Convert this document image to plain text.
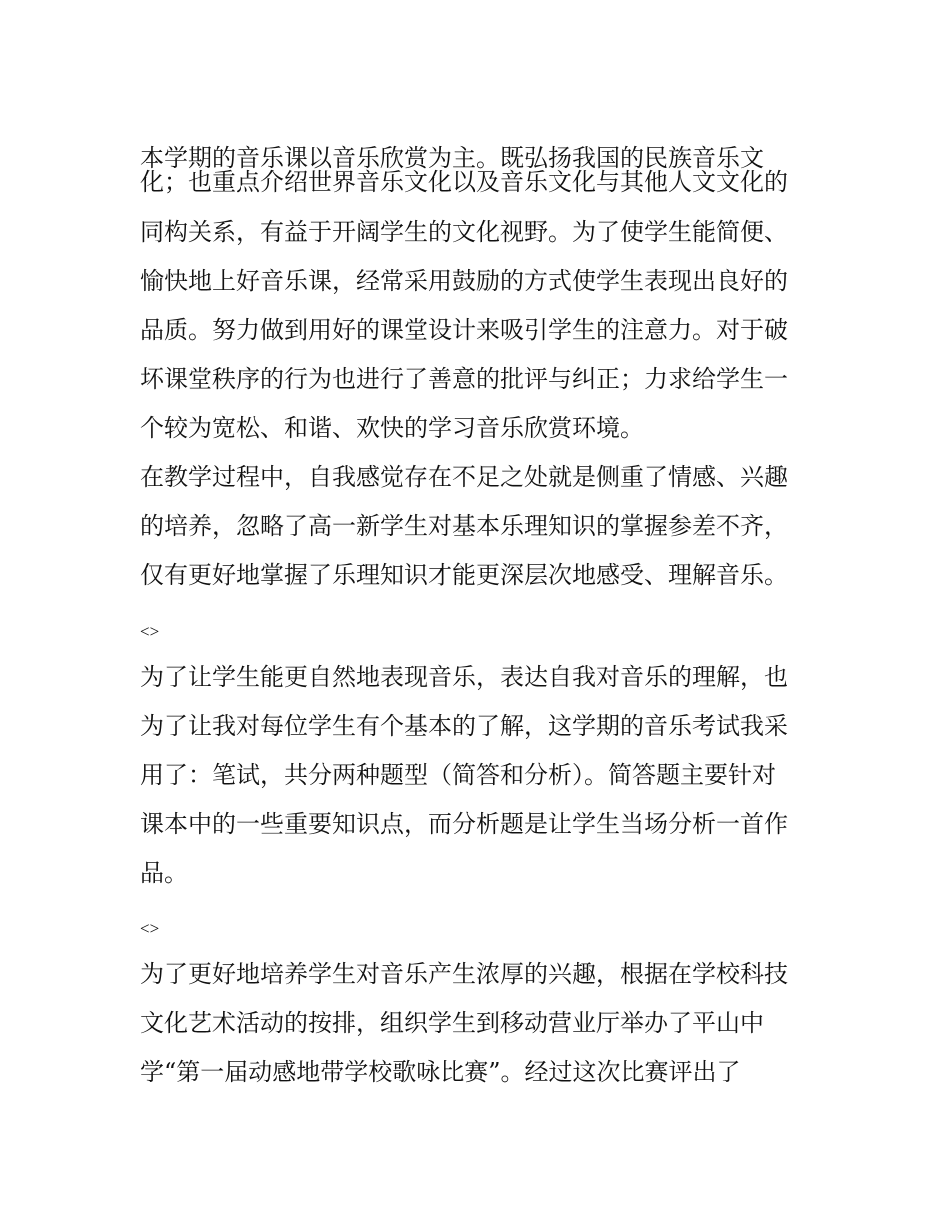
本学期的音乐课以音乐欣赏为主。既弘扬我国的民族音乐文
化；也重点介绍世界音乐文化以及音乐文化与其他人文文化的
同构关系，有益于开阔学生的文化视野。为了使学生能简便、
愉快地上好音乐课，经常采用鼓励的方式使学生表现出良好的
品质。努力做到用好的课堂设计来吸引学生的注意力。对于破
坏课堂秩序的行为也进行了善意的批评与纠正；力求给学生一
个较为宽松、和谐、欢快的学习音乐欣赏环境。
在教学过程中，自我感觉存在不足之处就是侧重了情感、兴趣
的培养，忽略了高一新学生对基本乐理知识的掌握参差不齐，
仅有更好地掌握了乐理知识才能更深层次地感受、理解音乐。
<>
为了让学生能更自然地表现音乐，表达自我对音乐的理解，也
为了让我对每位学生有个基本的了解，这学期的音乐考试我采
用了：笔试，共分两种题型（简答和分析）。简答题主要针对
课本中的一些重要知识点，而分析题是让学生当场分析一首作
品。
<>
为了更好地培养学生对音乐产生浓厚的兴趣，根据在学校科技
文化艺术活动的按排，组织学生到移动营业厅举办了平山中
学“第一届动感地带学校歌咏比赛”。经过这次比赛评出了
